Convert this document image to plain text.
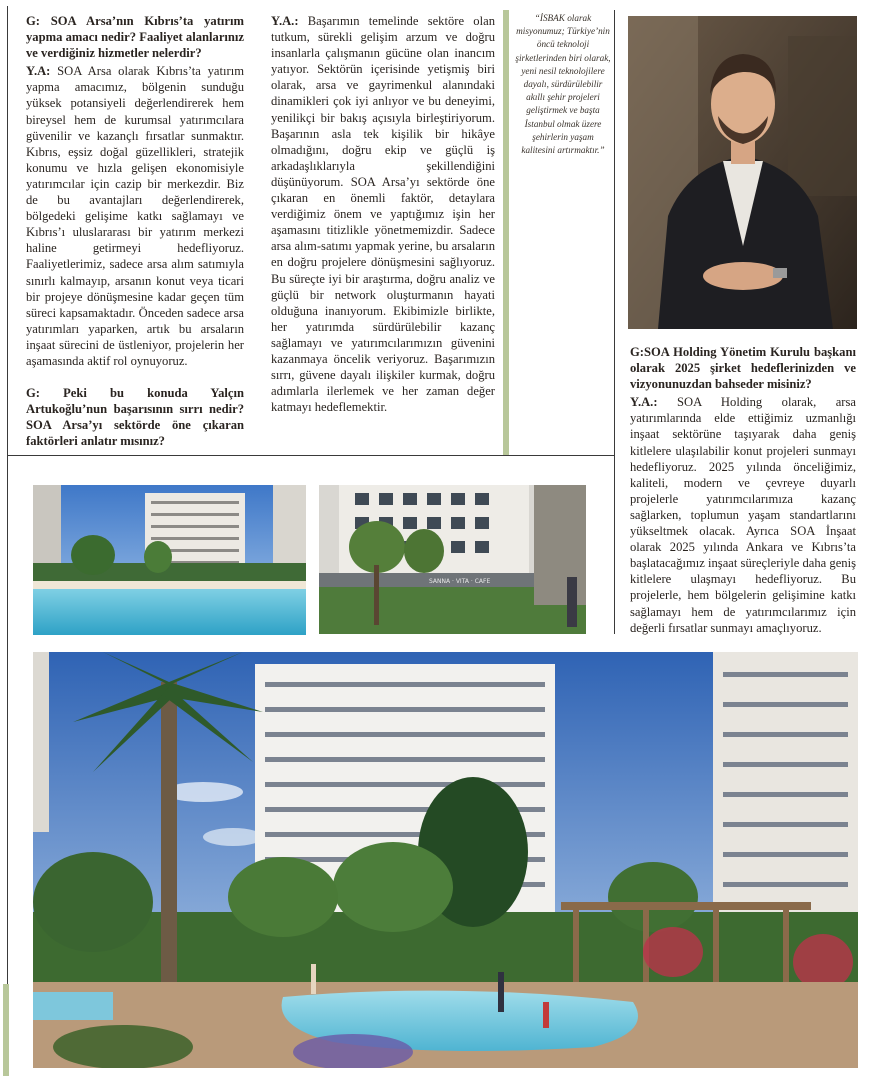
G: SOA Arsa’nın Kıbrıs’ta yatırım yapma amacı nedir? Faaliyet alanlarınız ve verdiğiniz hizmetler nelerdir?

Y.A: SOA Arsa olarak Kıbrıs’ta yatırım yapma amacımız, bölgenin sunduğu yüksek potansiyeli değerlendirerek hem bireysel hem de kurumsal yatırımcılara güvenilir ve kazançlı fırsatlar sunmaktır. Kıbrıs, eşsiz doğal güzellikleri, stratejik konumu ve hızla gelişen ekonomisiyle yatırımcılar için cazip bir merkezdir. Biz de bu avantajları değerlendirerek, bölgedeki gelişime katkı sağlamayı ve Kıbrıs’ı uluslararası bir yatırım merkezi haline getirmeyi hedefliyoruz. Faaliyetlerimiz, sadece arsa alım satımıyla sınırlı kalmayıp, arsanın konut veya ticari bir projeye dönüşmesine kadar geçen tüm süreci kapsamaktadır. Önceden sadece arsa yatırımları yaparken, artık bu arsaların inşaat sürecini de üstleniyor, projelerin her aşamasında aktif rol oynuyoruz.

G: Peki bu konuda Yalçın Artukoğlu’nun başarısının sırrı nedir? SOA Arsa’yı sektörde öne çıkaran faktörleri anlatır mısınız?

Y.A.: Başarımın temelinde sektöre olan tutkum, sürekli gelişim arzum ve doğru insanlarla çalışmanın gücüne olan inancım yatıyor. Sektörün içerisinde yetişmiş biri olarak, arsa ve gayrimenkul alanındaki dinamikleri çok iyi anlıyor ve bu deneyimi, yenilikçi bir bakış açısıyla birleştiriyorum. Başarının asla tek kişilik bir hikâye olmadığını, doğru ekip ve güçlü iş arkadaşlıklarıyla şekillendiğini düşünüyorum. SOA Arsa’yı sektörde öne çıkaran en önemli faktör, detaylara verdiğimiz önem ve yaptığımız işin her aşamasını titizlikle yönetmemizdir. Sadece arsa alım-satımı yapmak yerine, bu arsaların en doğru projelere dönüşmesini sağlıyoruz. Bu süreçte iyi bir araştırma, doğru analiz ve güçlü bir network oluşturmanın hayati olduğuna inanıyorum. Ekibimizle birlikte, her yatırımda sürdürülebilir kazanç sağlamayı ve yatırımcılarımızın güvenini kazanmaya öncelik veriyoruz. Başarımızın sırrı, güvene dayalı ilişkiler kurmak, doğru adımlarla ilerlemek ve her zaman değer katmayı hedeflemektir.

“İSBAK olarak misyonumuz; Türkiye’nin öncü teknoloji şirketlerinden biri olarak, yeni nesil teknolojilere dayalı, sürdürülebilir akıllı şehir projeleri geliştirmek ve başta İstanbul olmak üzere şehirlerin yaşam kalitesini artırmaktır.”

G:SOA Holding Yönetim Kurulu başkanı olarak 2025 şirket hedeflerinizden ve vizyonunuzdan bahseder misiniz?

Y.A.: SOA Holding olarak, arsa yatırımlarında elde ettiğimiz uzmanlığı inşaat sektörüne taşıyarak daha geniş kitlelere ulaşılabilir konut projeleri sunmayı hedefliyoruz. 2025 yılında önceliğimiz, kaliteli, modern ve çevreye duyarlı projelerle yatırımcılarımıza kazanç sağlarken, toplumun yaşam standartlarını yükseltmek olacak. Ayrıca SOA İnşaat olarak 2025 yılında Ankara ve Kıbrıs’ta başlatacağımız inşaat süreçleriyle daha geniş kitlelere ulaşmayı hedefliyoruz. Bu projelerle, hem bölgelerin gelişimine katkı sağlamayı hem de yatırımcılarımız için değerli fırsatlar sunmayı amaçlıyoruz.

SANNA · VITA · CAFE
